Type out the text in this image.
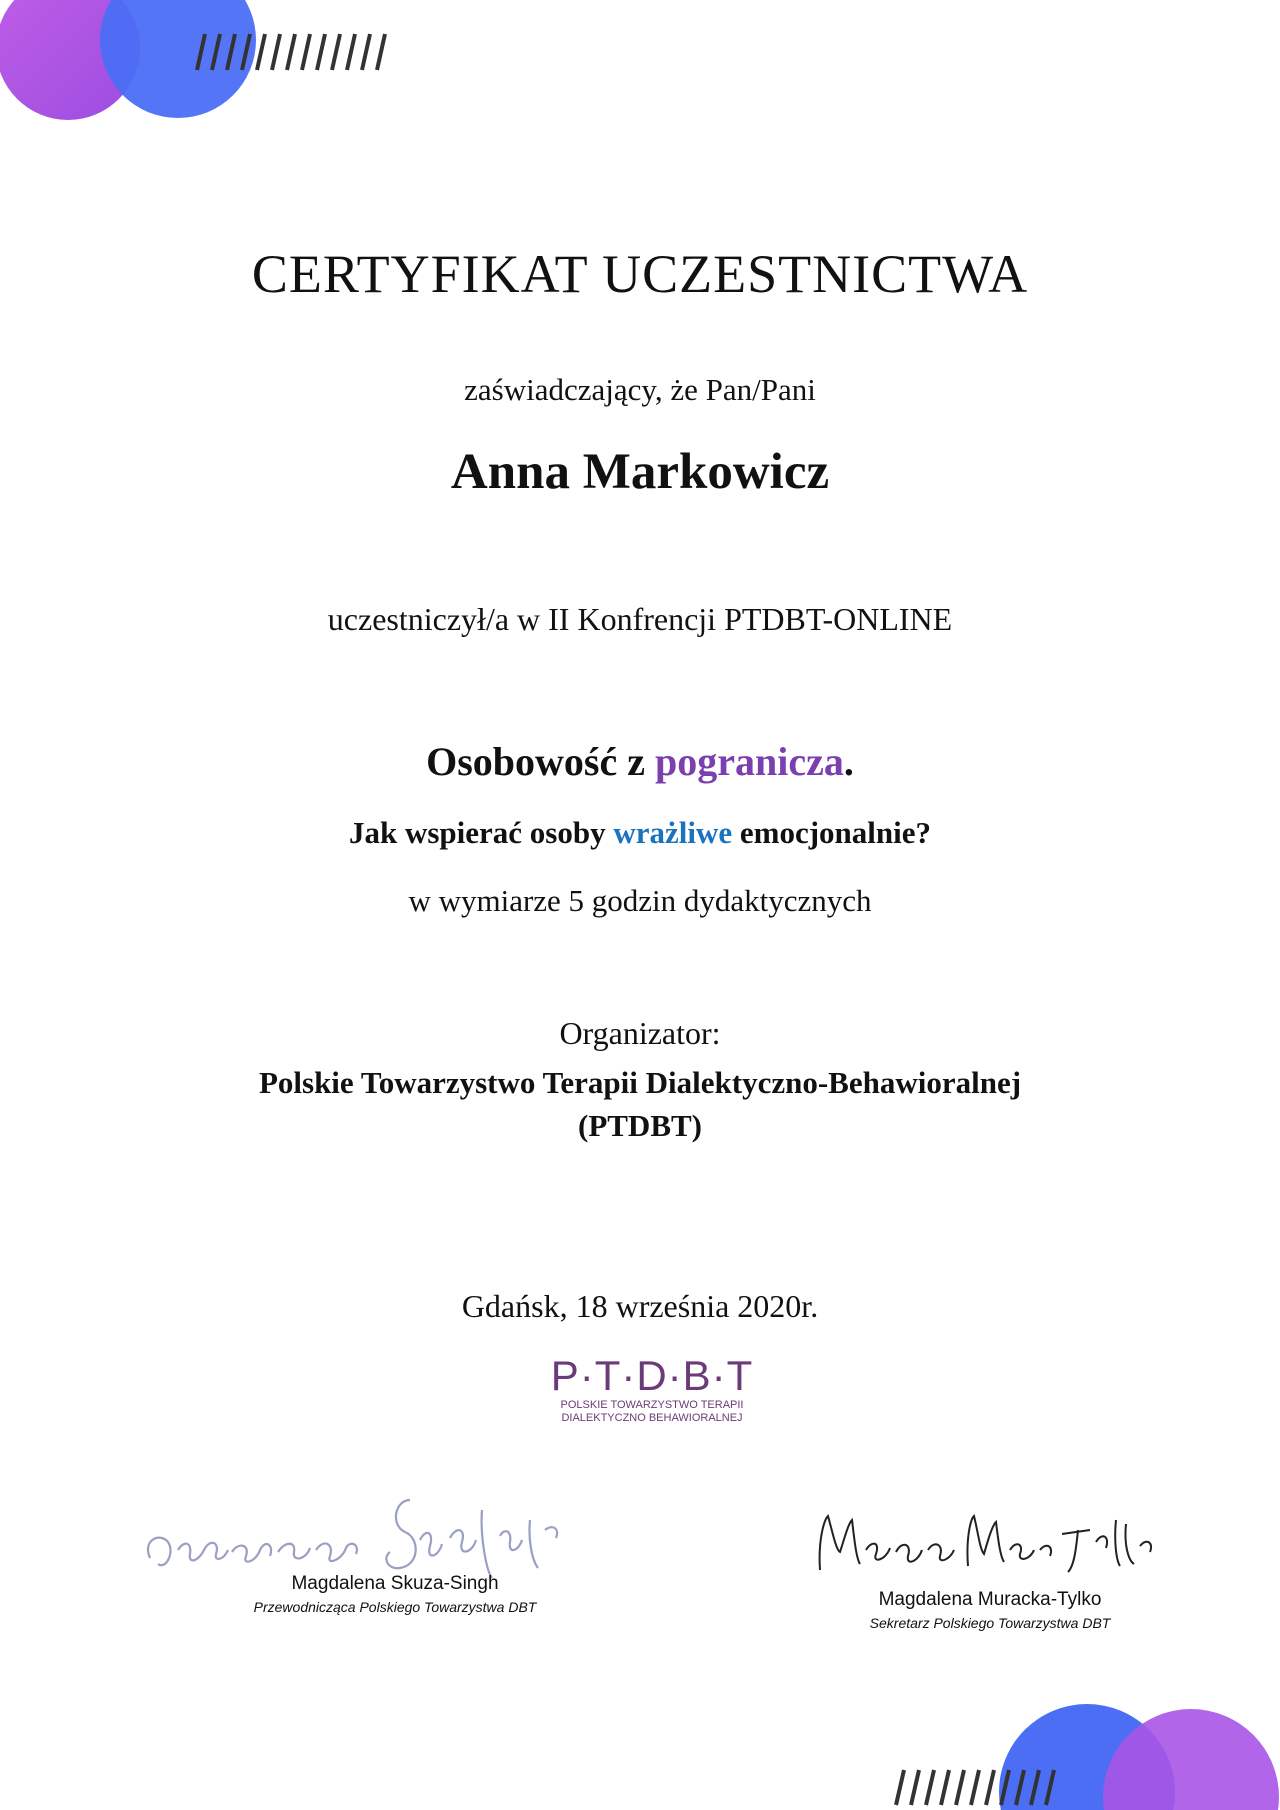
CERTYFIKAT UCZESTNICTWA
zaświadczający, że Pan/Pani
Anna Markowicz
uczestniczył/a w II Konfrencji PTDBT-ONLINE
Osobowość z pogranicza.
Jak wspierać osoby wrażliwe emocjonalnie?
w wymiarze 5 godzin dydaktycznych
Organizator:
Polskie Towarzystwo Terapii Dialektyczno-Behawioralnej
(PTDBT)
Gdańsk, 18 września 2020r.
P·T·D·B·T
POLSKIE TOWARZYSTWO TERAPII
DIALEKTYCZNO BEHAWIORALNEJ
Magdalena Skuza-Singh
Przewodnicząca Polskiego Towarzystwa DBT	Magdalena Muracka-Tylko
Sekretarz Polskiego Towarzystwa DBT
